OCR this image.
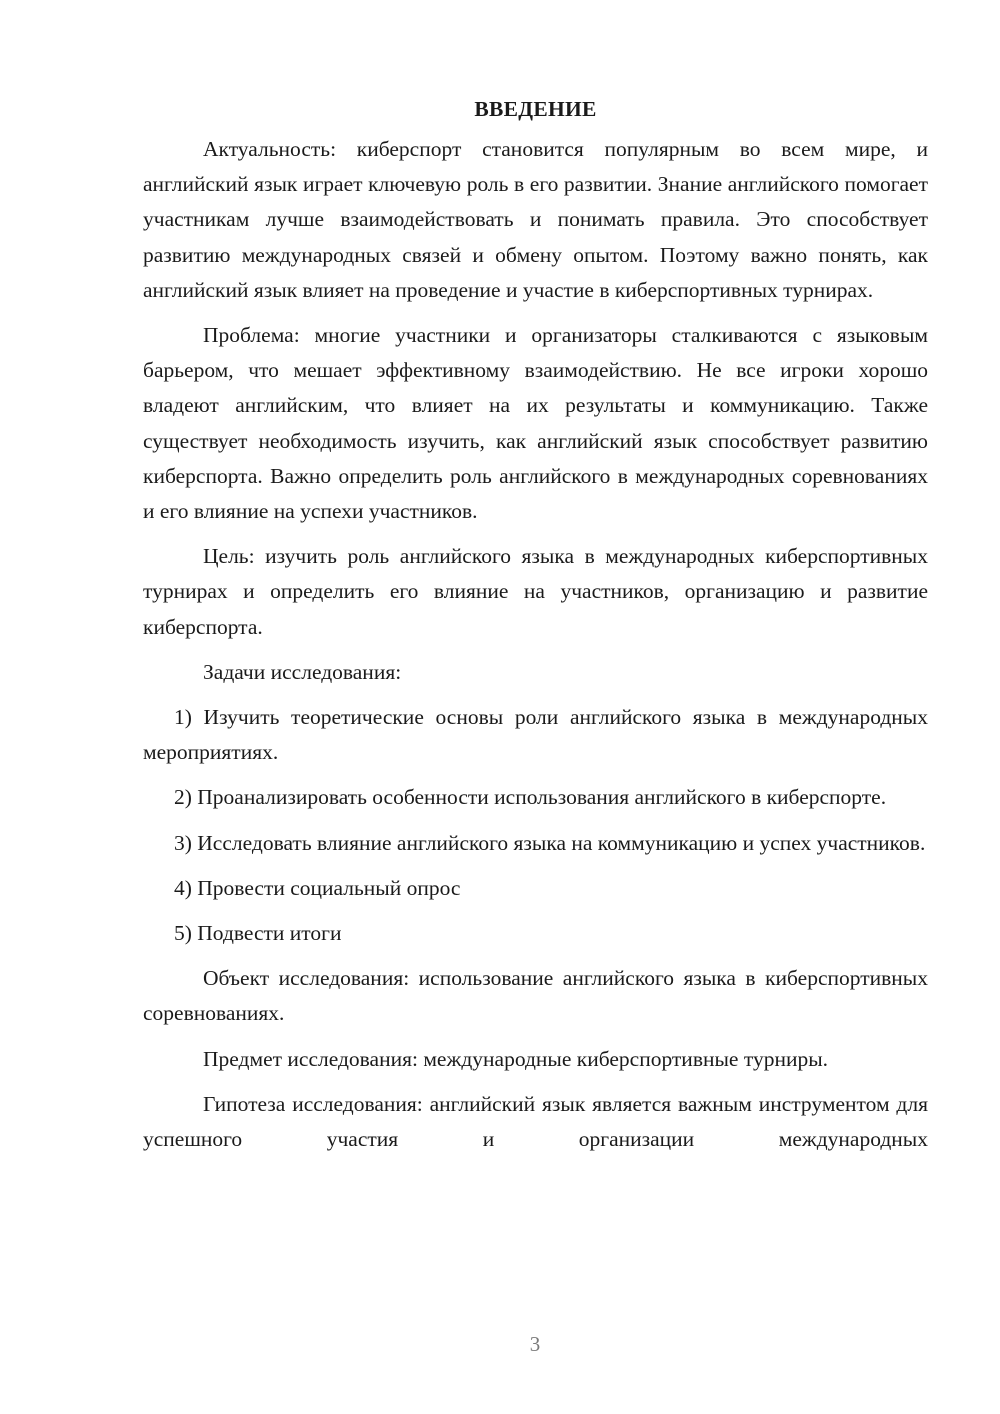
ВВЕДЕНИЕ

Актуальность: киберспорт становится популярным во всем мире, и английский язык играет ключевую роль в его развитии. Знание английского помогает участникам лучше взаимодействовать и понимать правила. Это способствует развитию международных связей и обмену опытом. Поэтому важно понять, как английский язык влияет на проведение и участие в киберспортивных турнирах.

Проблема: многие участники и организаторы сталкиваются с языковым барьером, что мешает эффективному взаимодействию. Не все игроки хорошо владеют английским, что влияет на их результаты и коммуникацию. Также существует необходимость изучить, как английский язык способствует развитию киберспорта. Важно определить роль английского в международных соревнованиях и его влияние на успехи участников.

Цель: изучить роль английского языка в международных киберспортивных турнирах и определить его влияние на участников, организацию и развитие киберспорта.

Задачи исследования:

1) Изучить теоретические основы роли английского языка в международных мероприятиях.

2) Проанализировать особенности использования английского в киберспорте.

3) Исследовать влияние английского языка на коммуникацию и успех участников.

4) Провести социальный опрос

5) Подвести итоги

Объект исследования: использование английского языка в киберспортивных соревнованиях.

Предмет исследования: международные киберспортивные турниры.

Гипотеза исследования: английский язык является важным инструментом для успешного участия и организации международных

3
